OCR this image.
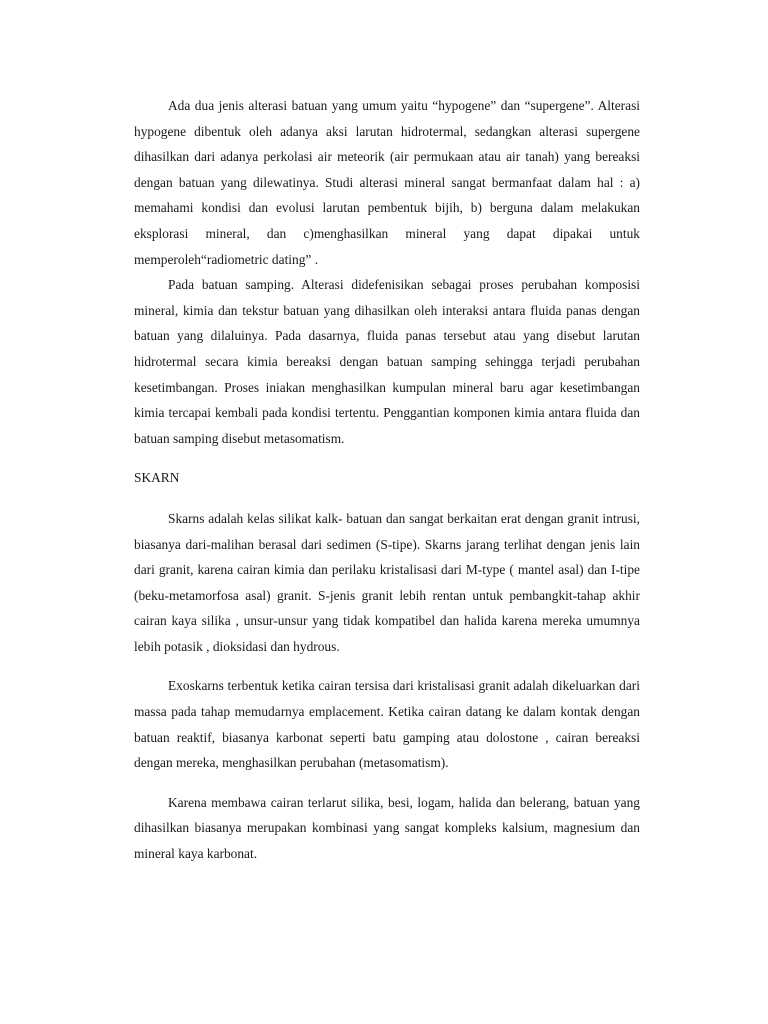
Ada dua jenis alterasi batuan yang umum yaitu “hypogene” dan “supergene”. Alterasi hypogene dibentuk oleh adanya aksi larutan hidrotermal, sedangkan alterasi supergene dihasilkan dari adanya perkolasi air meteorik (air permukaan atau air tanah) yang bereaksi dengan batuan yang dilewatinya. Studi alterasi mineral sangat bermanfaat dalam hal : a) memahami kondisi dan evolusi larutan pembentuk bijih, b) berguna dalam melakukan eksplorasi mineral, dan c)menghasilkan mineral yang dapat dipakai untuk memperoleh“radiometric dating” .

Pada batuan samping. Alterasi didefenisikan sebagai proses perubahan komposisi mineral, kimia dan tekstur batuan yang dihasilkan oleh interaksi antara fluida panas dengan batuan yang dilaluinya. Pada dasarnya, fluida panas tersebut atau yang disebut larutan hidrotermal secara kimia bereaksi dengan batuan samping sehingga terjadi perubahan kesetimbangan. Proses iniakan menghasilkan kumpulan mineral baru agar kesetimbangan kimia tercapai kembali pada kondisi tertentu. Penggantian komponen kimia antara fluida dan batuan samping disebut metasomatism.

SKARN

Skarns adalah kelas silikat kalk- batuan dan sangat berkaitan erat dengan granit intrusi, biasanya dari-malihan berasal dari sedimen (S-tipe). Skarns jarang terlihat dengan jenis lain dari granit, karena cairan kimia dan perilaku kristalisasi dari M-type ( mantel asal) dan I-tipe (beku-metamorfosa asal) granit. S-jenis granit lebih rentan untuk pembangkit-tahap akhir cairan kaya silika , unsur-unsur yang tidak kompatibel dan halida karena mereka umumnya lebih potasik , dioksidasi dan hydrous.

Exoskarns terbentuk ketika cairan tersisa dari kristalisasi granit adalah dikeluarkan dari massa pada tahap memudarnya emplacement. Ketika cairan datang ke dalam kontak dengan batuan reaktif, biasanya karbonat seperti batu gamping atau dolostone , cairan bereaksi dengan mereka, menghasilkan perubahan (metasomatism).

Karena membawa cairan terlarut silika, besi, logam, halida dan belerang, batuan yang dihasilkan biasanya merupakan kombinasi yang sangat kompleks kalsium, magnesium dan mineral kaya karbonat.
